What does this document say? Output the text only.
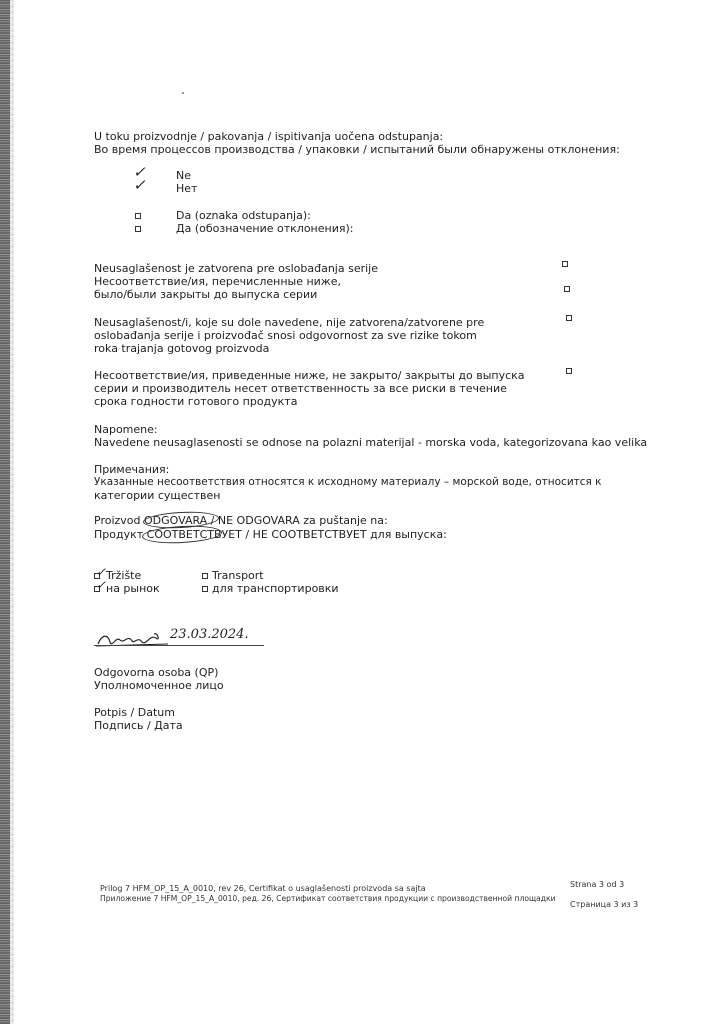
U toku proizvodnje / pakovanja / ispitivanja uočena odstupanja:
Во время процессов производства / упаковки / испытаний были обнаружены отклонения:
✓
✓
Ne
Нет
Da (oznaka odstupanja):
Да (обозначение отклонения):
Neusaglašenost je zatvorena pre oslobađanja serije
Несоответствие/ия, перечисленные ниже,
было/были закрыты до выпуска серии
Neusaglašenost/i, koje su dole navedene, nije zatvorena/zatvorene pre
oslobađanja serije i proizvođač snosi odgovornost za sve rizike tokom
roka trajanja gotovog proizvoda
Несоответствие/ия, приведенные ниже, не закрыто/ закрыты до выпуска
серии и производитель несет ответственность за все риски в течение
срока годности готового продукта
Napomene:
Navedene neusaglasenosti se odnose na polazni materijal - morska voda, kategorizovana kao velika
Примечания:
Указанные несоответствия относятся к исходному материалу – морской воде, относится к
категории существен
Proizvod ODGOVARA / NE ODGOVARA za puštanje na:
Продукт СООТВЕТСТВУЕТ / НЕ СООТВЕТСТВУЕТ для выпуска:
✓
✓
Tržište
на рынок
Transport
для транспортировки
23.03.2024.
Odgovorna osoba (QP)
Уполномоченное лицо
Potpis / Datum
Подпись / Дата
Prilog 7 HFM_OP_15_A_0010, rev 26, Certifikat o usaglašenosti proizvoda sa sajta
Приложение 7 HFM_OP_15_A_0010, ред. 26, Сертификат соответствия продукции с производственной площадки
Strana 3 od 3
Страница 3 из 3
